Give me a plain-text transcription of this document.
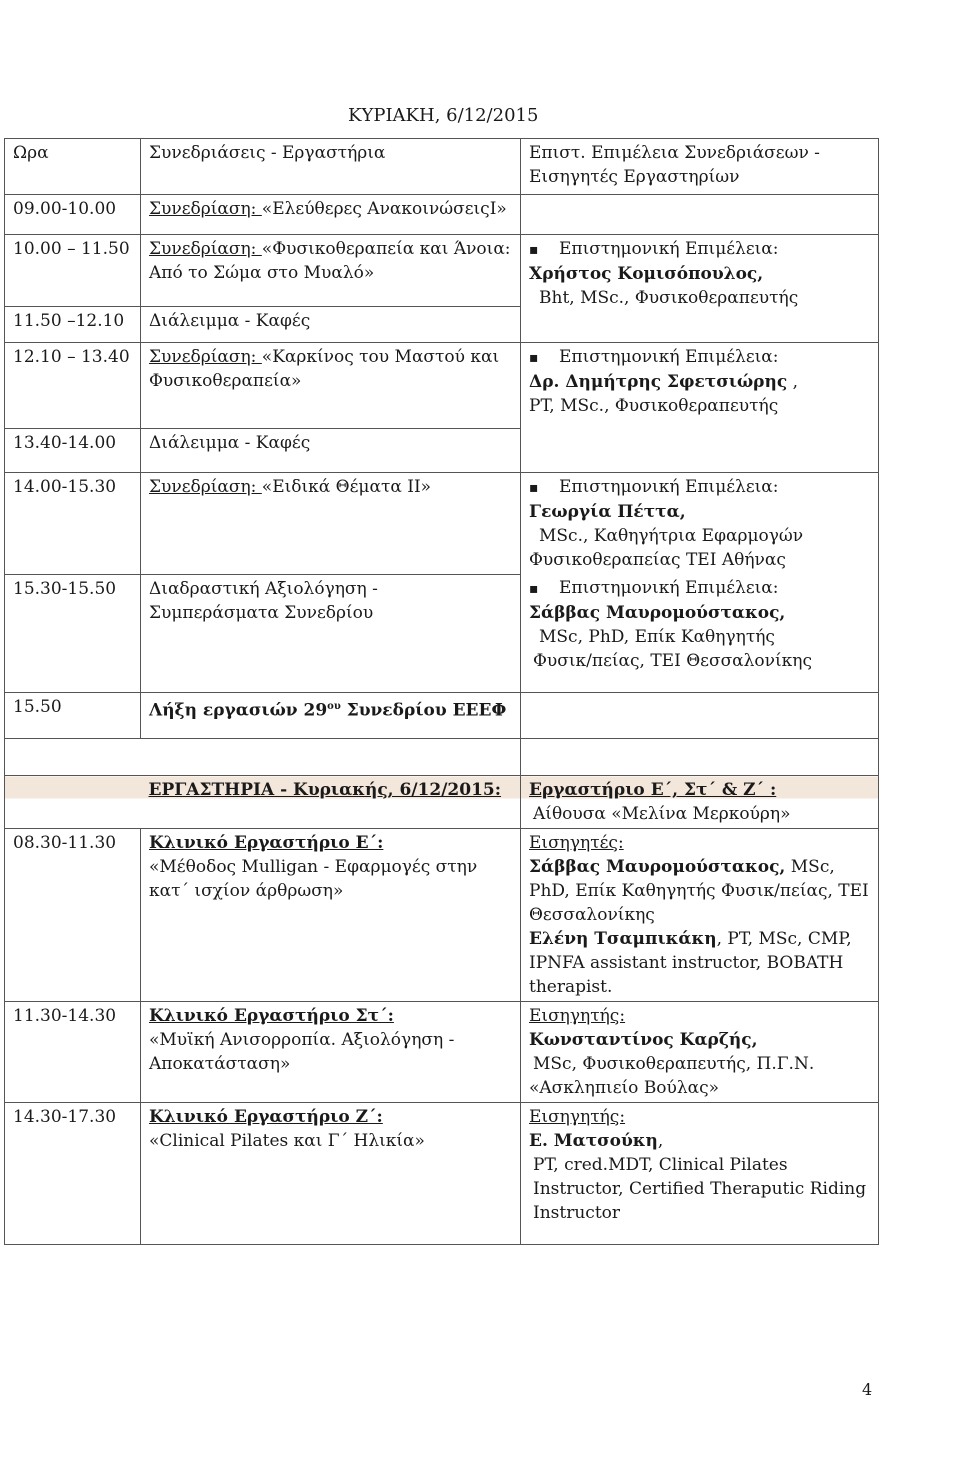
ΚΥΡΙΑΚΗ, 6/12/2015
Ωρα	Συνεδριάσεις - Εργαστήρια	Επιστ. Επιμέλεια Συνεδριάσεων - Εισηγητές Εργαστηρίων
09.00-10.00	Συνεδρίαση: «Ελεύθερες ΑνακοινώσειςI»	
10.00 – 11.50	Συνεδρίαση: «Φυσικοθεραπεία και Άνοια: Από το Σώμα στο Μυαλό»	▪ Επιστημονική Επιμέλεια:
Χρήστος Κομισόπουλος,
Bht, MSc., Φυσικοθεραπευτής

11.50 –12.10	Διάλειμμα - Καφές	
12.10 – 13.40	Συνεδρίαση: «Καρκίνος του Μαστού και Φυσικοθεραπεία»	▪ Επιστημονική Επιμέλεια:
Δρ. Δημήτρης Σφετσιώρης ,
PT, MSc., Φυσικοθεραπευτής

13.40-14.00	Διάλειμμα - Καφές	
14.00-15.30	Συνεδρίαση: «Ειδικά Θέματα ΙΙ»	▪ Επιστημονική Επιμέλεια:
Γεωργία Πέττα,
MSc., Καθηγήτρια Εφαρμογών
Φυσικοθεραπείας ΤΕΙ Αθήνας

15.30-15.50	Διαδραστική Αξιολόγηση - Συμπεράσματα Συνεδρίου	▪ Επιστημονική Επιμέλεια:
Σάββας Μαυρομούστακος,
MSc, PhD, Επίκ Καθηγητής
Φυσικ/πείας, ΤΕΙ Θεσσαλονίκης

15.50	Λήξη εργασιών $29^{o\upsilon}$ Συνεδρίου ΕΕΕΦ	

	ΕΡΓΑΣΤΗΡΙΑ - Κυριακής, 6/12/2015:	Εργαστήριο Ε΄, Στ΄ & Ζ΄ :
Αίθουσα «Μελίνα Μερκούρη»

08.30-11.30	Κλινικό Εργαστήριο Ε΄:
«Μέθοδος Mulligan - Εφαρμογές στην κατ΄ ισχίον άρθρωση»	Εισηγητές:
Σάββας Μαυρομούστακος, MSc, PhD, Επίκ Καθηγητής Φυσικ/πείας, ΤΕΙ Θεσσαλονίκης
Ελένη Τσαμπικάκη, PT, MSc, CMP, IPNFA assistant instructor, BOBATH therapist.

11.30-14.30	Κλινικό Εργαστήριο Στ΄:
«Μυϊκή Ανισορροπία. Αξιολόγηση - Αποκατάσταση»	Εισηγητής:
Κωνσταντίνος Καρζής,
MSc, Φυσικοθεραπευτής, Π.Γ.Ν.
«Ασκληπιείο Βούλας»

14.30-17.30	Κλινικό Εργαστήριο Ζ΄:
«Clinical Pilates και Γ΄ Ηλικία»	Εισηγητής:
Ε. Ματσούκη,
PT, cred.MDT, Clinical Pilates Instructor, Certified Theraputic Riding Instructor
4
